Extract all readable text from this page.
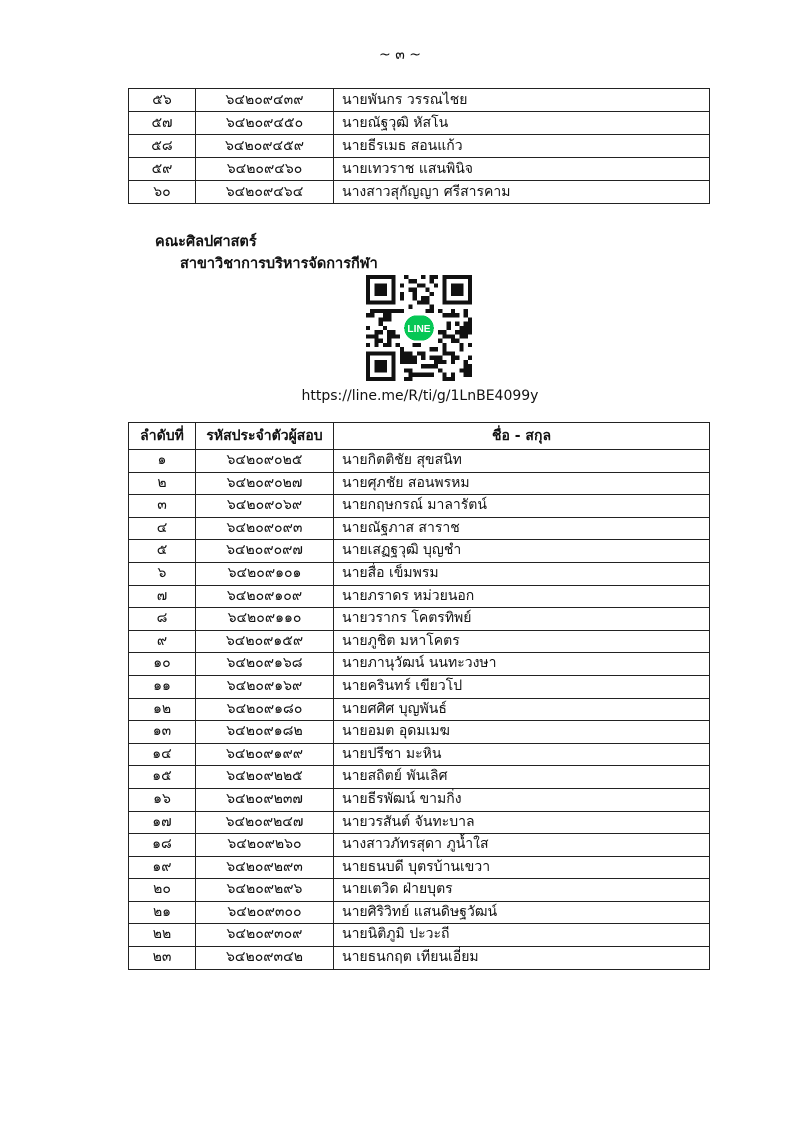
~ ๓ ~
๕๖	๖๔๒๐๙๔๓๙	นายพันกร วรรณไชย
๕๗	๖๔๒๐๙๔๕๐	นายณัฐวุฒิ หัสโน
๕๘	๖๔๒๐๙๔๕๙	นายธีรเมธ สอนแก้ว
๕๙	๖๔๒๐๙๔๖๐	นายเทวราช แสนพินิจ
๖๐	๖๔๒๐๙๔๖๔	นางสาวสุกัญญา ศรีสารคาม
คณะศิลปศาสตร์
สาขาวิชาการบริหารจัดการกีฬา
LINE
https://line.me/R/ti/g/1LnBE4099y
ลำดับที่	รหัสประจำตัวผู้สอบ	ชื่อ - สกุล
๑	๖๔๒๐๙๐๒๕	นายกิตติชัย สุขสนิท
๒	๖๔๒๐๙๐๒๗	นายศุภชัย สอนพรหม
๓	๖๔๒๐๙๐๖๙	นายกฤษกรณ์ มาลารัตน์
๔	๖๔๒๐๙๐๙๓	นายณัฐภาส สาราช
๕	๖๔๒๐๙๐๙๗	นายเสฏฐวุฒิ บุญชำ
๖	๖๔๒๐๙๑๐๑	นายสื่อ เข็มพรม
๗	๖๔๒๐๙๑๐๙	นายภราดร หม่วยนอก
๘	๖๔๒๐๙๑๑๐	นายวรากร โคตรทิพย์
๙	๖๔๒๐๙๑๕๙	นายภูชิต มหาโคตร
๑๐	๖๔๒๐๙๑๖๘	นายภานุวัฒน์ นนทะวงษา
๑๑	๖๔๒๐๙๑๖๙	นายครินทร์ เขียวโป
๑๒	๖๔๒๐๙๑๘๐	นายศศิศ บุญพันธ์
๑๓	๖๔๒๐๙๑๘๒	นายอมต อุดมเมฆ
๑๔	๖๔๒๐๙๑๙๙	นายปรีชา มะหิน
๑๕	๖๔๒๐๙๒๒๕	นายสถิตย์ พันเลิศ
๑๖	๖๔๒๐๙๒๓๗	นายธีรพัฒน์ ขามกิ่ง
๑๗	๖๔๒๐๙๒๔๗	นายวรสันต์ จันทะบาล
๑๘	๖๔๒๐๙๒๖๐	นางสาวภัทรสุดา ภูน้ำใส
๑๙	๖๔๒๐๙๒๙๓	นายธนบดี บุตรบ้านเขวา
๒๐	๖๔๒๐๙๒๙๖	นายเตวิด ฝ่ายบุตร
๒๑	๖๔๒๐๙๓๐๐	นายศิริวิทย์ แสนดิษฐวัฒน์
๒๒	๖๔๒๐๙๓๐๙	นายนิติภูมิ ปะวะถี
๒๓	๖๔๒๐๙๓๔๒	นายธนกฤต เทียนเอี่ยม
